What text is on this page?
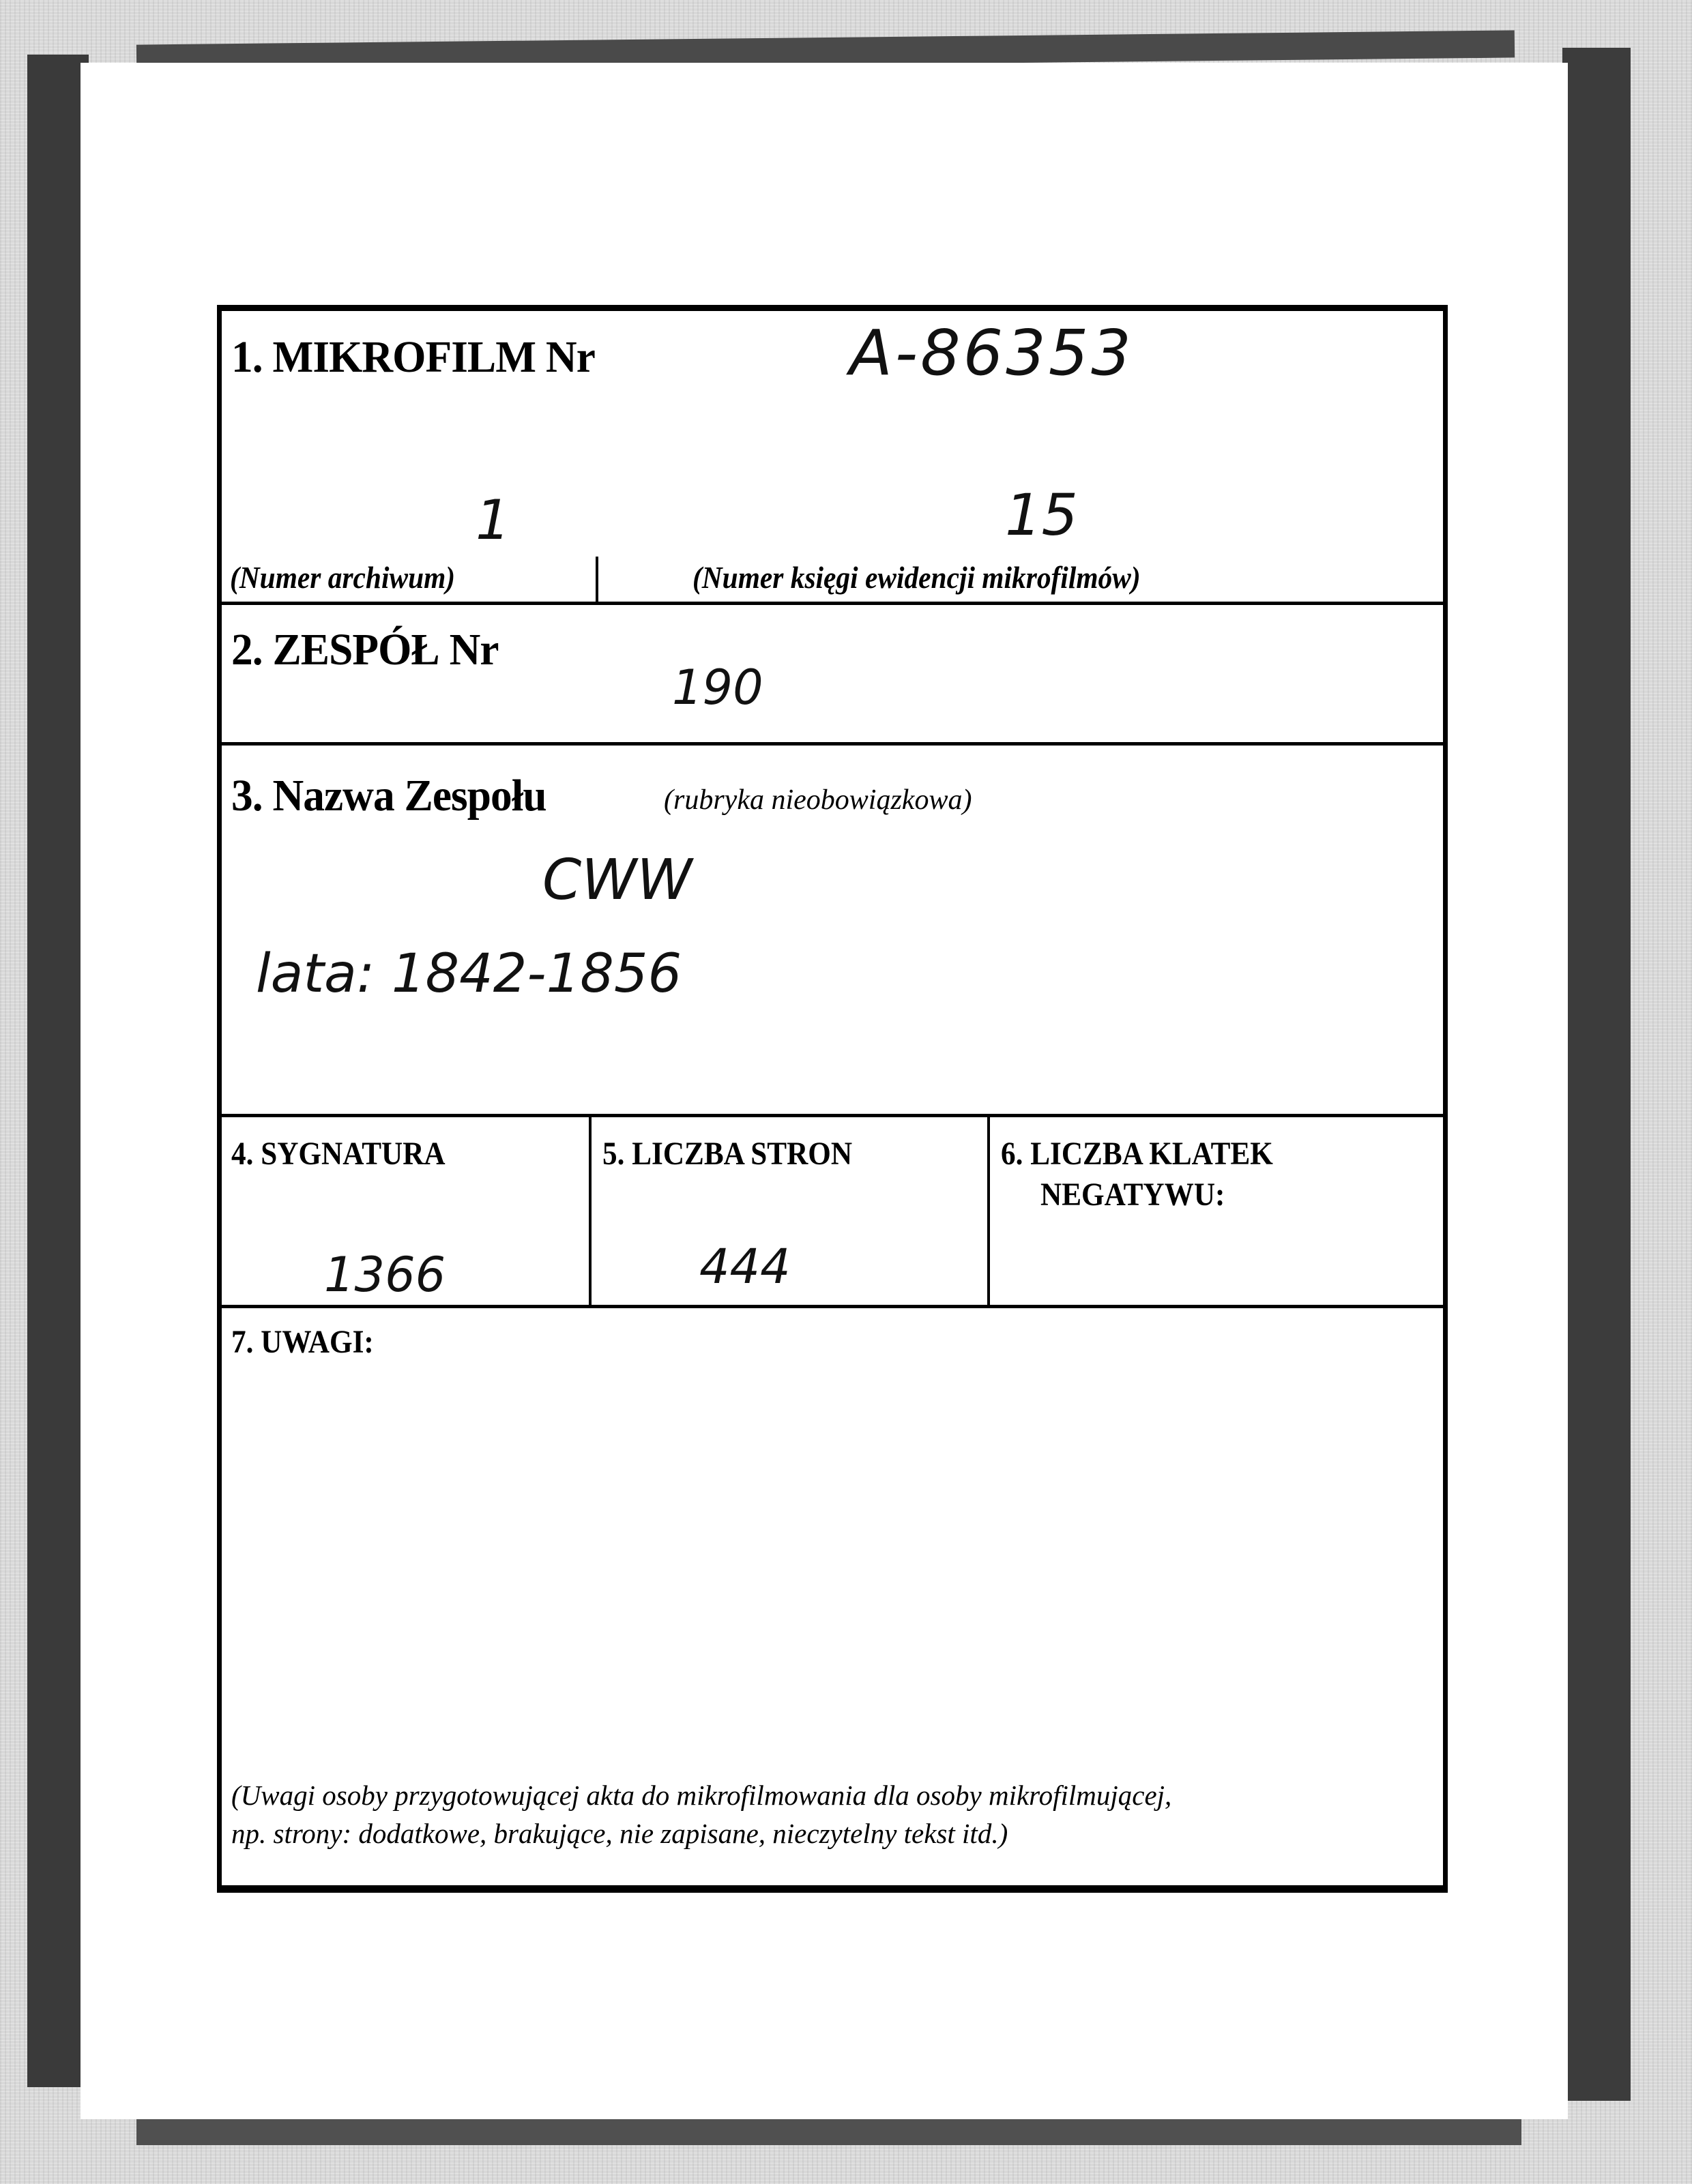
1. MIKROFILM Nr	A-86353
1
(Numer archiwum)
15
(Numer księgi ewidencji mikrofilmów)
2. ZESPÓŁ Nr
190
3. Nazwa Zespołu	(rubryka nieobowiązkowa)
CWW
lata: 1842-1856
4. SYGNATURA
1366
5. LICZBA STRON
444
6. LICZBA KLATEK
NEGATYWU:
7. UWAGI:
(Uwagi osoby przygotowującej akta do mikrofilmowania dla osoby mikrofilmującej,
np. strony: dodatkowe, brakujące, nie zapisane, nieczytelny tekst itd.)
